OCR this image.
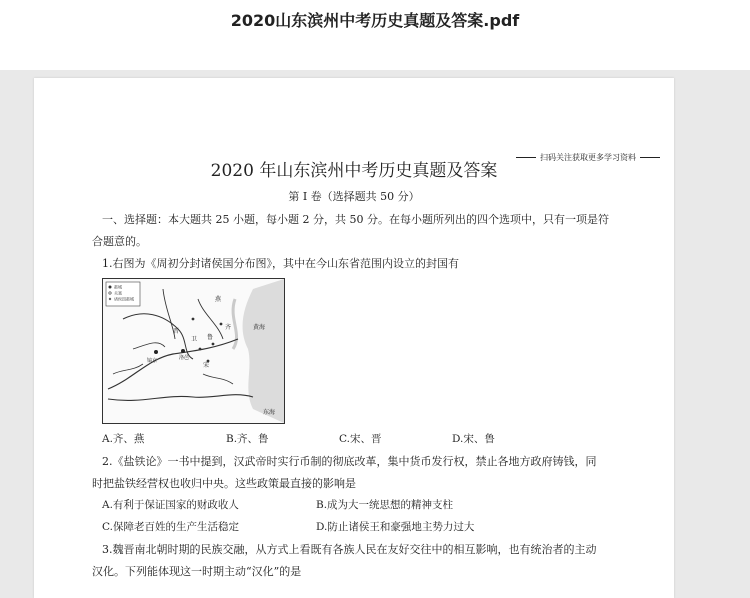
2020山东滨州中考历史真题及答案.pdf
扫码关注获取更多学习资料
2020 年山东滨州中考历史真题及答案
第 I 卷（选择题共 50 分）
一、选择题：本大题共 25 小题，每小题 2 分，共 50 分。在每小题所列出的四个选项中，只有一项是符
合题意的。
1.右图为《周初分封诸侯国分布图》，其中在今山东省范围内设立的封国有
都城
关塞
诸侯国都城
晋
齐
鲁
宋
卫
燕
镐京	洛邑
黄海
东海
A.齐、燕	B.齐、鲁	C.宋、晋	D.宋、鲁
2.《盐铁论》一书中提到，汉武帝时实行币制的彻底改革，集中货币发行权，禁止各地方政府铸钱，同
时把盐铁经营权也收归中央。这些政策最直接的影响是
A.有利于保证国家的财政收人	B.成为大一统思想的精神支柱
C.保障老百姓的生产生活稳定	D.防止诸侯王和豪强地主势力过大
3.魏晋南北朝时期的民族交融，从方式上看既有各族人民在友好交往中的相互影响，也有统治者的主动
汉化。下列能体现这一时期主动“汉化”的是
